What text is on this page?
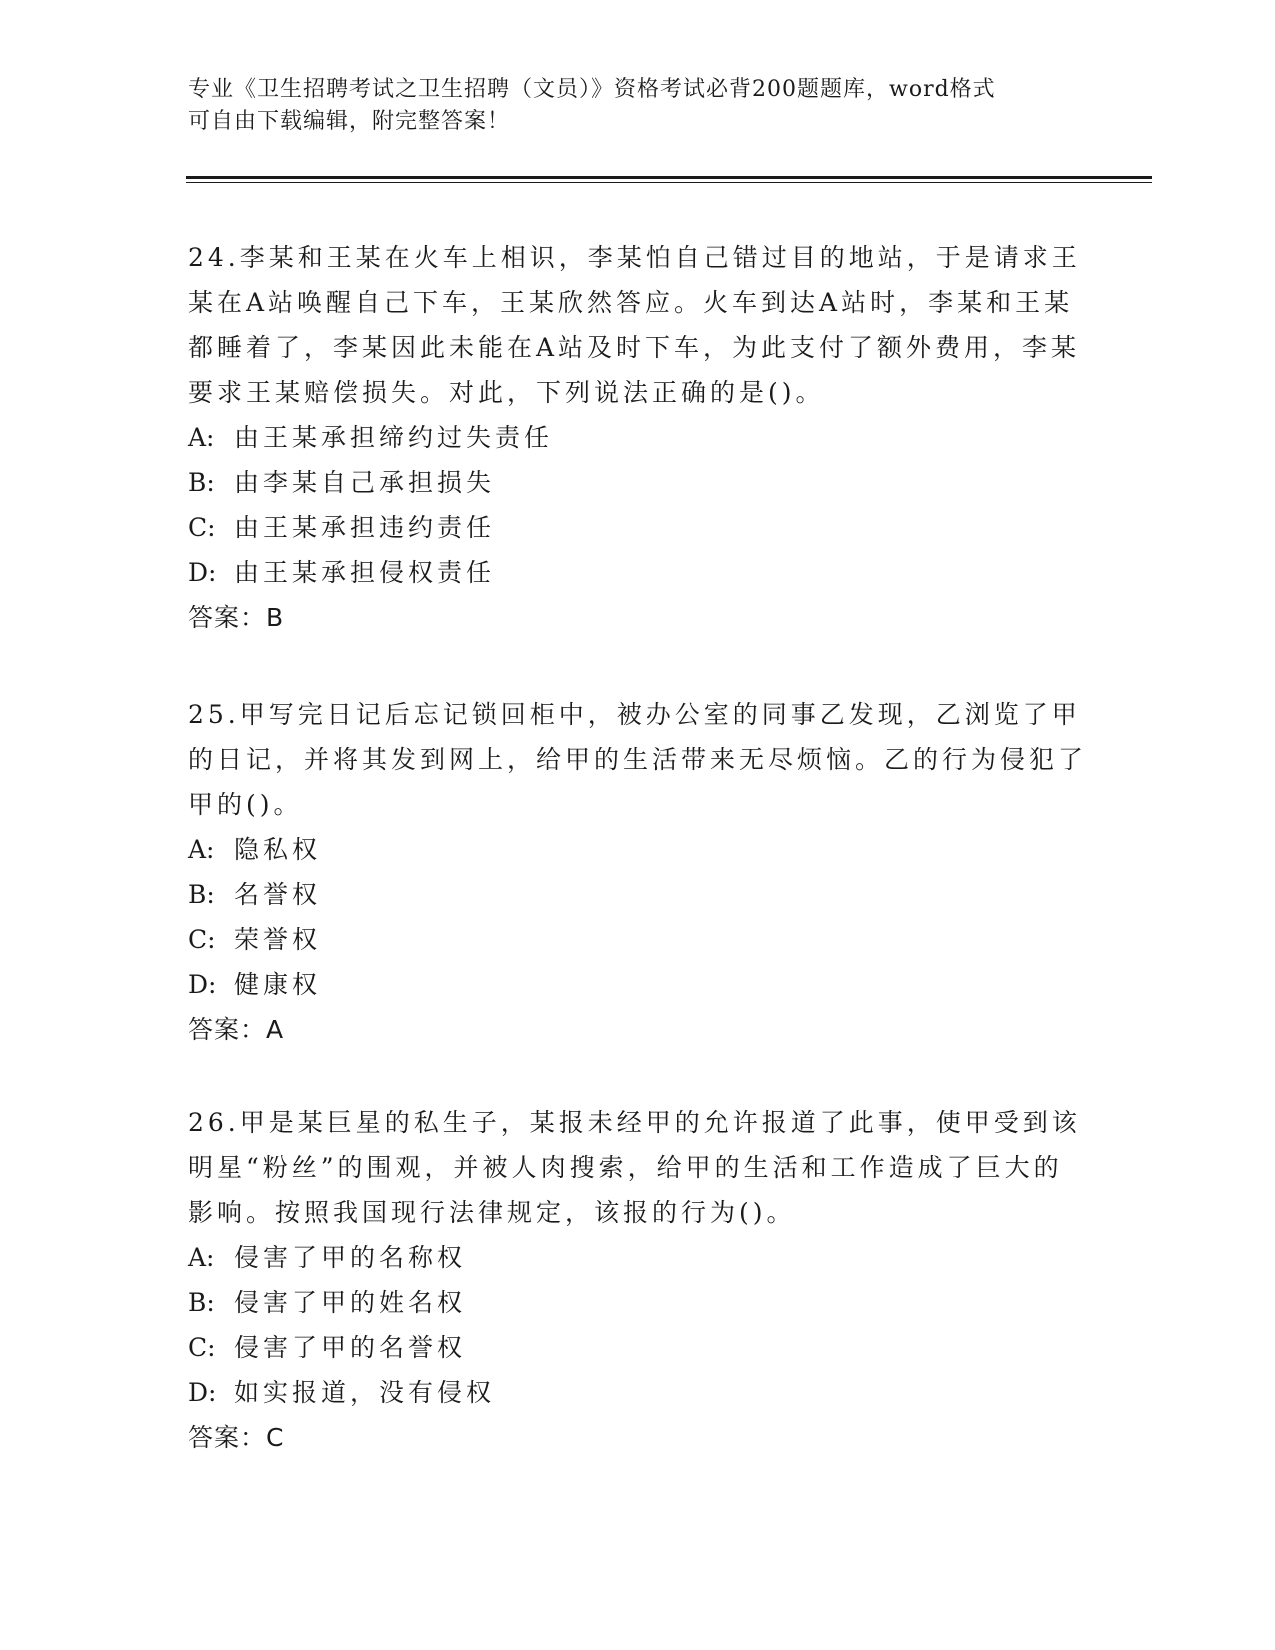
专业《卫生招聘考试之卫生招聘（文员）》资格考试必背200题题库，word格式
可自由下载编辑，附完整答案！

24.李某和王某在火车上相识，李某怕自己错过目的地站，于是请求王某在A站唤醒自己下车，王某欣然答应。火车到达A站时，李某和王某都睡着了，李某因此未能在A站及时下车，为此支付了额外费用，李某要求王某赔偿损失。对此，下列说法正确的是()。

A: 由王某承担缔约过失责任

B: 由李某自己承担损失

C: 由王某承担违约责任

D: 由王某承担侵权责任

答案：B

25.甲写完日记后忘记锁回柜中，被办公室的同事乙发现，乙浏览了甲的日记，并将其发到网上，给甲的生活带来无尽烦恼。乙的行为侵犯了甲的()。

A: 隐私权

B: 名誉权

C: 荣誉权

D: 健康权

答案：A

26.甲是某巨星的私生子，某报未经甲的允许报道了此事，使甲受到该明星“粉丝”的围观，并被人肉搜索，给甲的生活和工作造成了巨大的影响。按照我国现行法律规定，该报的行为()。

A: 侵害了甲的名称权

B: 侵害了甲的姓名权

C: 侵害了甲的名誉权

D: 如实报道，没有侵权

答案：C
